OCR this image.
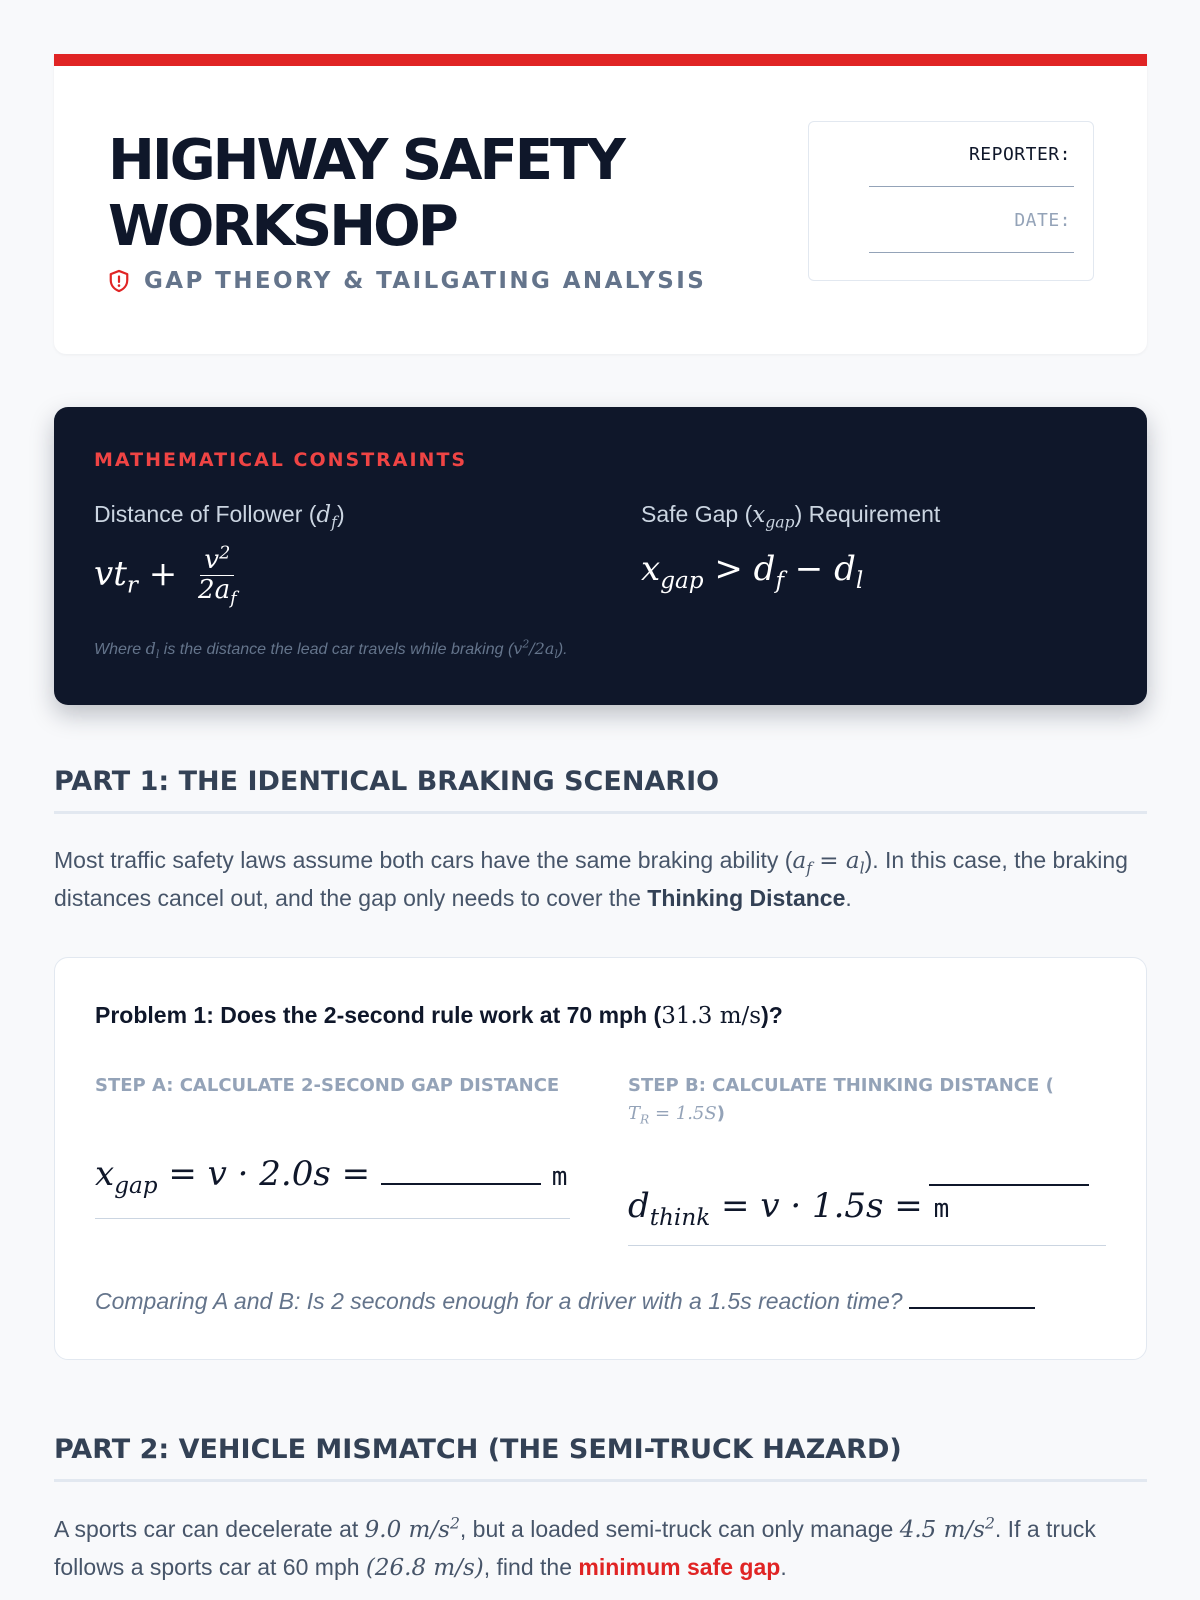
HIGHWAY SAFETY WORKSHOP
GAP THEORY & TAILGATING ANALYSIS
REPORTER:
DATE:
MATHEMATICAL CONSTRAINTS
Distance of Follower $(d_f)$
$vt_r + \frac{v^2}{2a_f}$
Safe Gap $(x_{gap})$ Requirement
$x_{gap} > d_f - d_l$
Where $d_l$ is the distance the lead car travels while braking $(v^2/2a_l)$.
PART 1: THE IDENTICAL BRAKING SCENARIO
Most traffic safety laws assume both cars have the same braking ability $(a_f = a_l)$. In this case, the braking distances cancel out, and the gap only needs to cover the Thinking Distance.
Problem 1: Does the 2-second rule work at 70 mph (31.3 m/s)?
STEP A: CALCULATE 2-SECOND GAP DISTANCE	STEP B: CALCULATE THINKING DISTANCE (
$T_R = 1.5S$)
$x_{gap} = v \cdot 2.0s$ =	m
$d_{think} = v \cdot 1.5s = m$
Comparing A and B: Is 2 seconds enough for a driver with a 1.5s reaction time?
PART 2: VEHICLE MISMATCH (THE SEMI-TRUCK HAZARD)
A sports car can decelerate at 9.0 $m/s^2$, but a loaded semi-truck can only manage 4.5 $m/s^2$. If a truck follows a sports car at 60 mph (26.8 m/s), find the minimum safe gap.
